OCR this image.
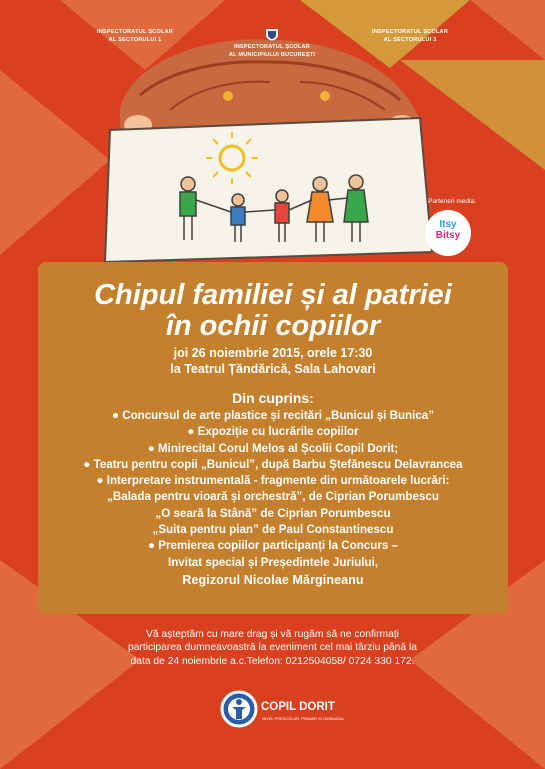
INSPECTORATUL ȘCOLAR
AL SECTORULUI 1
INSPECTORATUL ȘCOLAR
AL MUNICIPIULUI BUCUREȘTI
INSPECTORATUL ȘCOLAR
AL SECTORULUI 3
Parteneri media:
Itsy
Bitsy
Chipul familiei și al patriei
în ochii copiilor
joi 26 noiembrie 2015, orele 17:30
la Teatrul Țăndărică, Sala Lahovari
Din cuprins:
● Concursul de arte plastice și recitări „Bunicul și Bunica”
● Expoziție cu lucrările copiilor
● Minirecital Corul Melos al Școlii Copil Dorit;
● Teatru pentru copii „Bunicul”, după Barbu Ștefănescu Delavrancea
● Interpretare instrumentală - fragmente din următoarele lucrări:
„Balada pentru vioară și orchestră”, de Ciprian Porumbescu
„O seară la Stână” de Ciprian Porumbescu
„Suita pentru pian” de Paul Constantinescu
● Premierea copiilor participanți la Concurs –
Invitat special și Președintele Juriului,
Regizorul Nicolae Mărgineanu
Vă așteptăm cu mare drag și vă rugăm să ne confirmați
participarea dumneavoastră la eveniment cel mai târziu până la
data de 24 noiembrie a.c.Telefon: 0212504058/ 0724 330 172.
COPIL DORIT
NIVEL PREȘCOLAR, PRIMAR ȘI GIMNAZIAL
